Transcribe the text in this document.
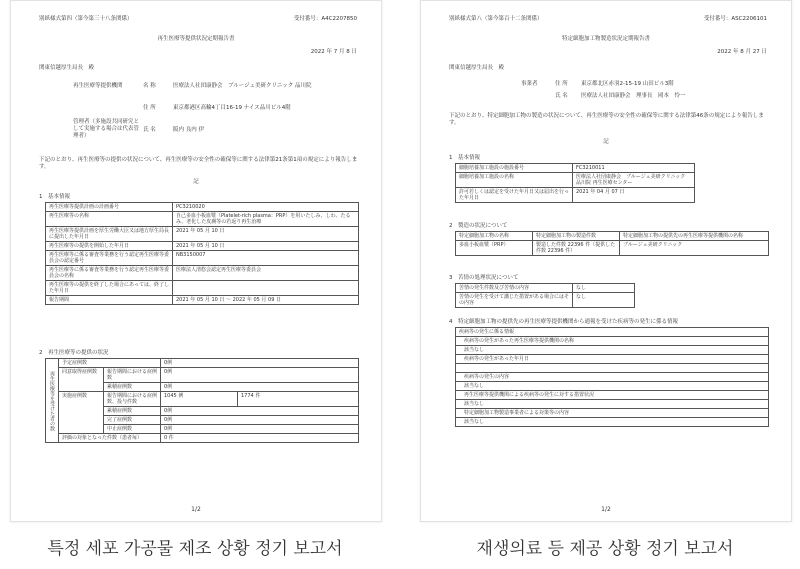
別紙様式第四（第今第三十八条関係）	受付番号：A4C2207850
再生医療等提供状況定期報告書
2022 年 7 月 8 日
関東信越厚生局長　殿
再生医療等提供機関	名 称	医療法人社団康静会　ブルージェ美研クリニック 品川院
住 所	東京都港区高輪4丁目16-19 ナイス品川ビル4階
管理者（多施設共同研究として実施する場合は代表管理者）
氏 名	阪内 良内 伊
下記のとおり、再生医療等の提供の状況について、再生医療等の安全性の確保等に関する法律第21条第1項の規定により報告します。
記
1　基本情報
再生医療等提供計画の計画番号	PC3210020
再生医療等の名称	自己多血小板血漿（Platelet-rich plasma：PRP）を用いたしみ、しわ、たるみ、老化した皮膚等の若返り再生治療
再生医療等提供計画を厚生労働大臣又は地方厚生局長に提出した年月日	2021 年 05 月 10 日
再生医療等の提供を開始した年月日	2021 年 05 月 10 日
再生医療等に係る審査等業務を行う認定再生医療等委員会の認定番号	NB3150007
再生医療等に係る審査等業務を行う認定再生医療等委員会の名称	医療法人清悠会認定再生医療等委員会
再生医療等の提供を終了した場合にあっては、終了した年月日	
報告期間	2021 年 05 月 10 日 ～ 2022 年 05 月 09 日
2　再生医療等の提供の状況
再生医療等を受けた者の数	予定症例数		0例	
	同意取得症例数	報告期間における症例数	0例	
		累積症例数	0例	
	実施症例数	報告期間における症例数、投与件数	1045 例	1774 件
		累積症例数	0例	
		完了症例数	0例	
		中止症例数	0例	
	評価の対象となった件数（患者毎）		0 件	
1/2
別紙様式第八（第今第百十二条関係）	受付番号：ASC2206101
特定細胞加工物製造状況定期報告書
2022 年 8 月 27 日
関東信越厚生局長　殿
事業者	住 所 東京都北区赤羽2-15-19 山田ビル3階
氏 名 医療法人社団康静会　理事長　岡本　怜一
下記のとおり、特定細胞加工物の製造の状況について、再生医療等の安全性の確保等に関する法律第46条の規定により報告します。
記
1　基本情報
細胞培養加工施設の施設番号	FC3210011
細胞培養加工施設の名称	医療法人社団康静会　ブルージェ美研クリニック 品川院 再生医療センター
許可若しくは認定を受けた年月日又は届出を行った年月日	2021 年 04 月 07 日
2　製造の状況について
特定細胞加工物の名称	特定細胞加工物の製造件数	特定細胞加工物の提供先の再生医療等提供機関の名称
多血小板血漿（PRP）	製造した件数 22396 件（提供した件数 22396 件）	ブルージェ美研クリニック
3　苦情の処理状況について
苦情の発生件数及び苦情の内容	なし
苦情の発生を受けて講じた措置がある場合にはその内容	なし
4　特定細胞加工物の提供先の再生医療等提供機関から通報を受けた疾病等の発生に係る情報
疾病等の発生に係る情報
疾病等の発生があった再生医療等提供機関の名称
該当なし
疾病等の発生があった年月日

疾病等の発生の内容
該当なし
再生医療等提供機関による疾病等の発生に対する措置状況
該当なし
特定細胞加工物製造事業者による対策等の内容
該当なし
1/2
특정 세포 가공물 제조 상황 정기 보고서	재생의료 등 제공 상황 정기 보고서
